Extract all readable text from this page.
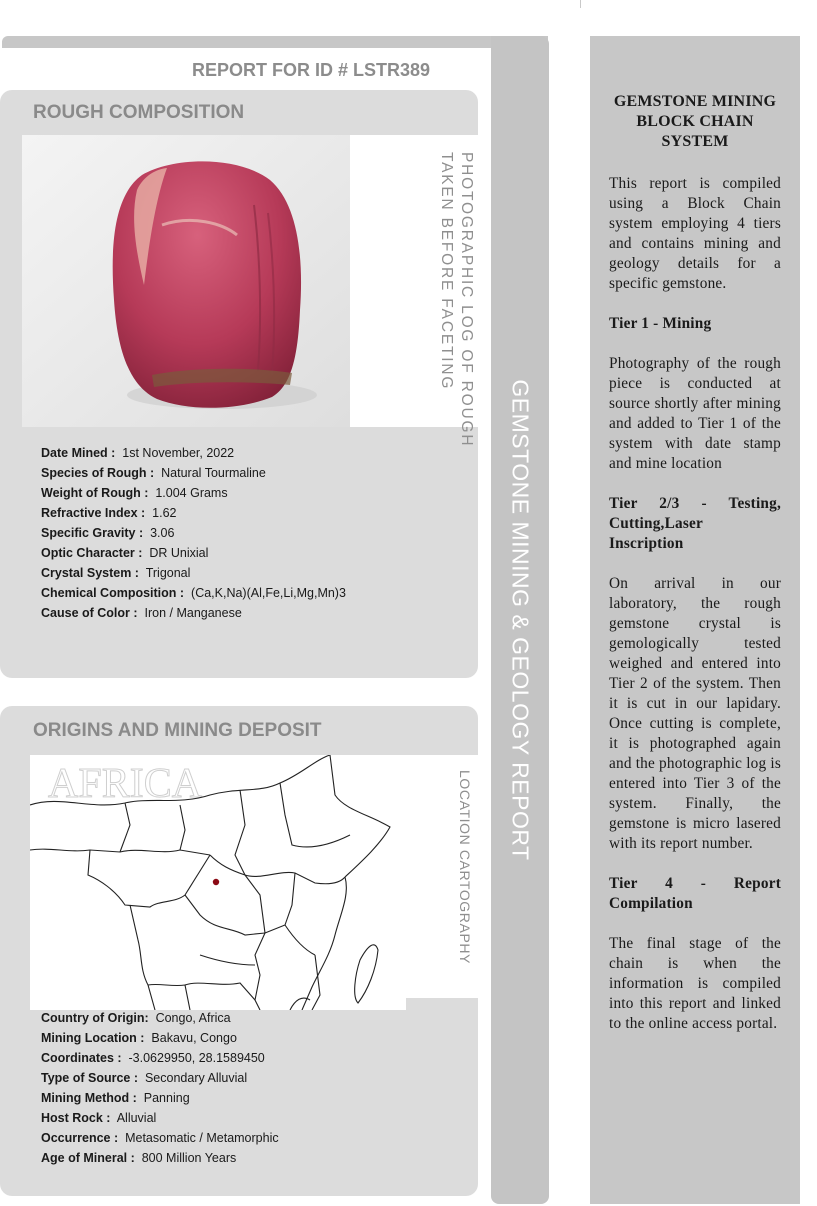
GEMSTONE MINING & GEOLOGY REPORT
REPORT FOR ID # LSTR389
ROUGH COMPOSITION
PHOTOGRAPHIC LOG OF ROUGH
TAKEN BEFORE FACETING
Date Mined : 1st November, 2022
Species of Rough : Natural Tourmaline
Weight of Rough : 1.004 Grams
Refractive Index : 1.62
Specific Gravity : 3.06
Optic Character : DR Unixial
Crystal System : Trigonal
Chemical Composition : (Ca,K,Na)(Al,Fe,Li,Mg,Mn)3
Cause of Color : Iron / Manganese
ORIGINS AND MINING DEPOSIT
AFRICA	LOCATION CARTOGRAPHY
Country of Origin: Congo, Africa
Mining Location : Bakavu, Congo
Coordinates : -3.0629950, 28.1589450
Type of Source : Secondary Alluvial
Mining Method : Panning
Host Rock : Alluvial
Occurrence : Metasomatic / Metamorphic
Age of Mineral : 800 Million Years

GEMSTONE MINING BLOCK CHAIN SYSTEM

This report is compiled using a Block Chain system employing 4 tiers and contains mining and geology details for a specific gemstone.

Tier 1 - Mining

Photography of the rough piece is conducted at source shortly after mining and added to Tier 1 of the system with date stamp and mine location

Tier 2/3 - Testing, Cutting,Laser Inscription

On arrival in our laboratory, the rough gemstone crystal is gemologically tested weighed and entered into Tier 2 of the system. Then it is cut in our lapidary. Once cutting is complete, it is photographed again and the photographic log is entered into Tier 3 of the system. Finally, the gemstone is micro lasered with its report number.

Tier 4 - Report Compilation

The final stage of the chain is when the information is compiled into this report and linked to the online access portal.
